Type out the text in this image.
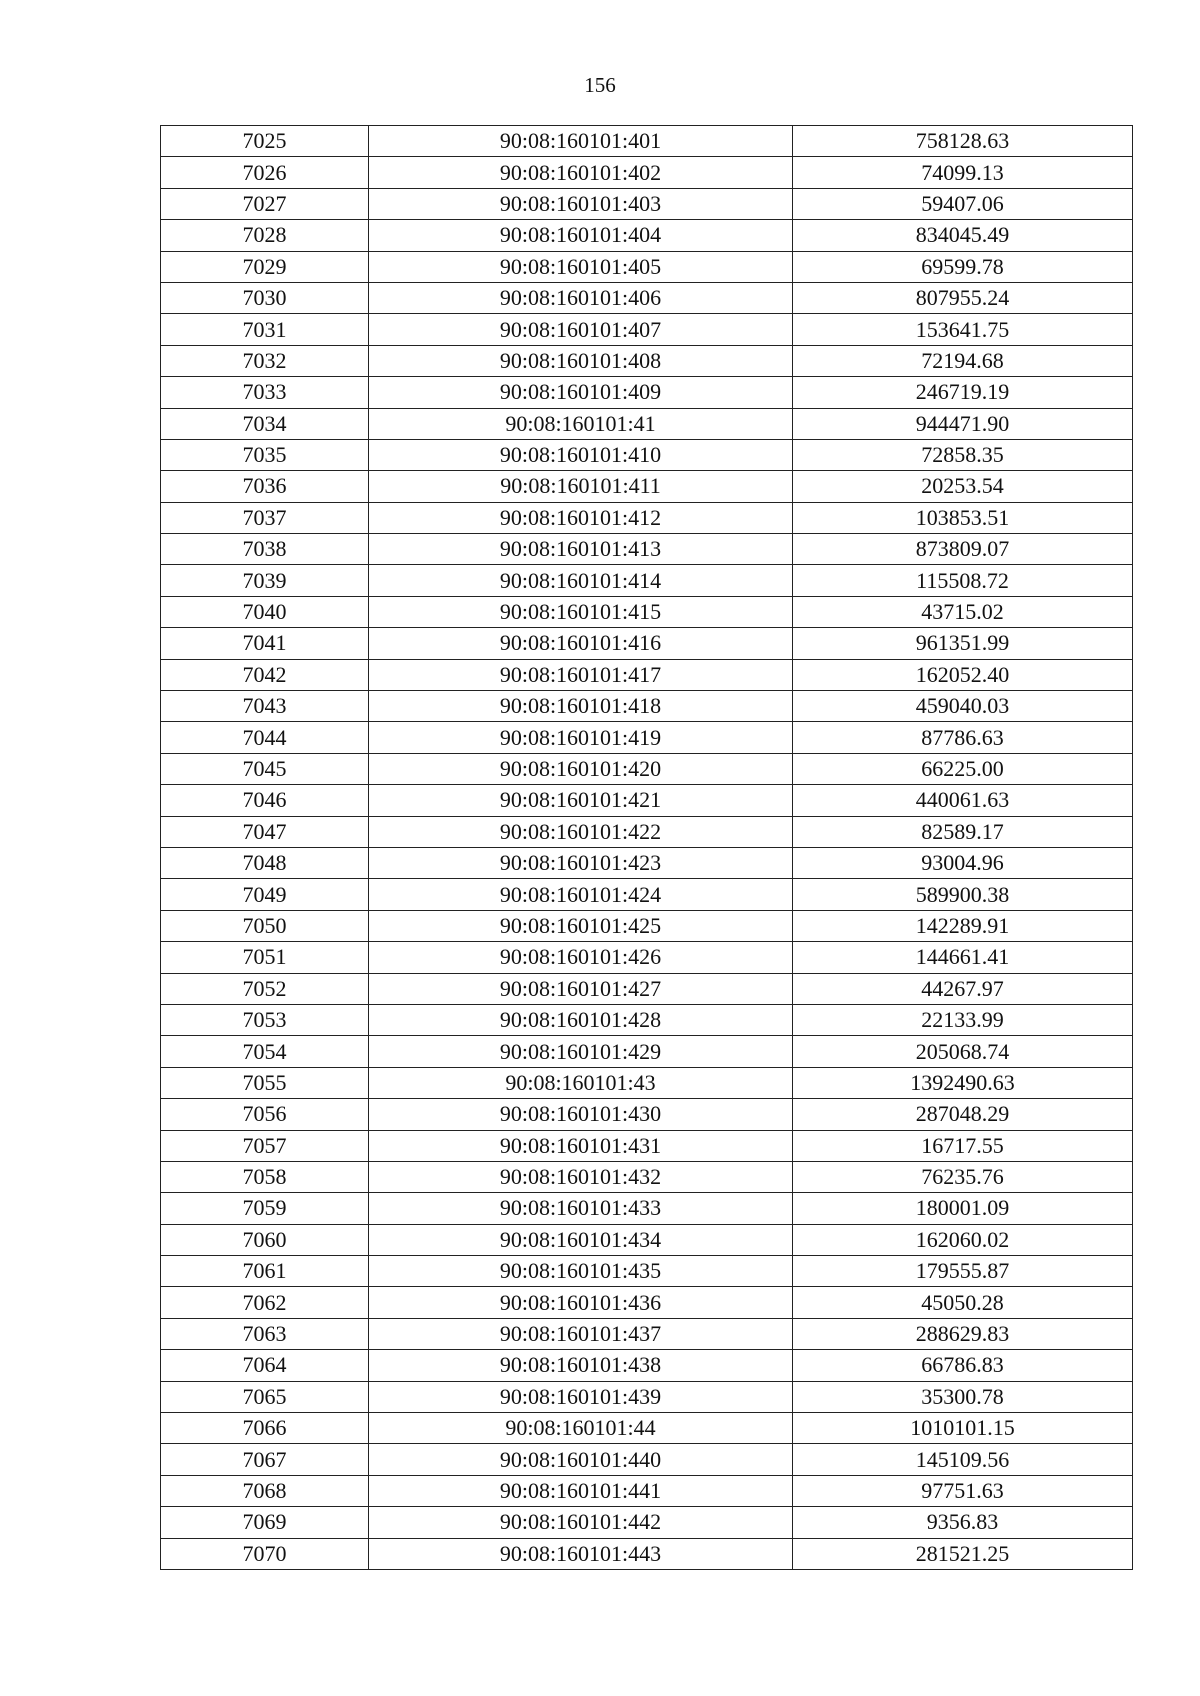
156
7025	90:08:160101:401	758128.63
7026	90:08:160101:402	74099.13
7027	90:08:160101:403	59407.06
7028	90:08:160101:404	834045.49
7029	90:08:160101:405	69599.78
7030	90:08:160101:406	807955.24
7031	90:08:160101:407	153641.75
7032	90:08:160101:408	72194.68
7033	90:08:160101:409	246719.19
7034	90:08:160101:41	944471.90
7035	90:08:160101:410	72858.35
7036	90:08:160101:411	20253.54
7037	90:08:160101:412	103853.51
7038	90:08:160101:413	873809.07
7039	90:08:160101:414	115508.72
7040	90:08:160101:415	43715.02
7041	90:08:160101:416	961351.99
7042	90:08:160101:417	162052.40
7043	90:08:160101:418	459040.03
7044	90:08:160101:419	87786.63
7045	90:08:160101:420	66225.00
7046	90:08:160101:421	440061.63
7047	90:08:160101:422	82589.17
7048	90:08:160101:423	93004.96
7049	90:08:160101:424	589900.38
7050	90:08:160101:425	142289.91
7051	90:08:160101:426	144661.41
7052	90:08:160101:427	44267.97
7053	90:08:160101:428	22133.99
7054	90:08:160101:429	205068.74
7055	90:08:160101:43	1392490.63
7056	90:08:160101:430	287048.29
7057	90:08:160101:431	16717.55
7058	90:08:160101:432	76235.76
7059	90:08:160101:433	180001.09
7060	90:08:160101:434	162060.02
7061	90:08:160101:435	179555.87
7062	90:08:160101:436	45050.28
7063	90:08:160101:437	288629.83
7064	90:08:160101:438	66786.83
7065	90:08:160101:439	35300.78
7066	90:08:160101:44	1010101.15
7067	90:08:160101:440	145109.56
7068	90:08:160101:441	97751.63
7069	90:08:160101:442	9356.83
7070	90:08:160101:443	281521.25
